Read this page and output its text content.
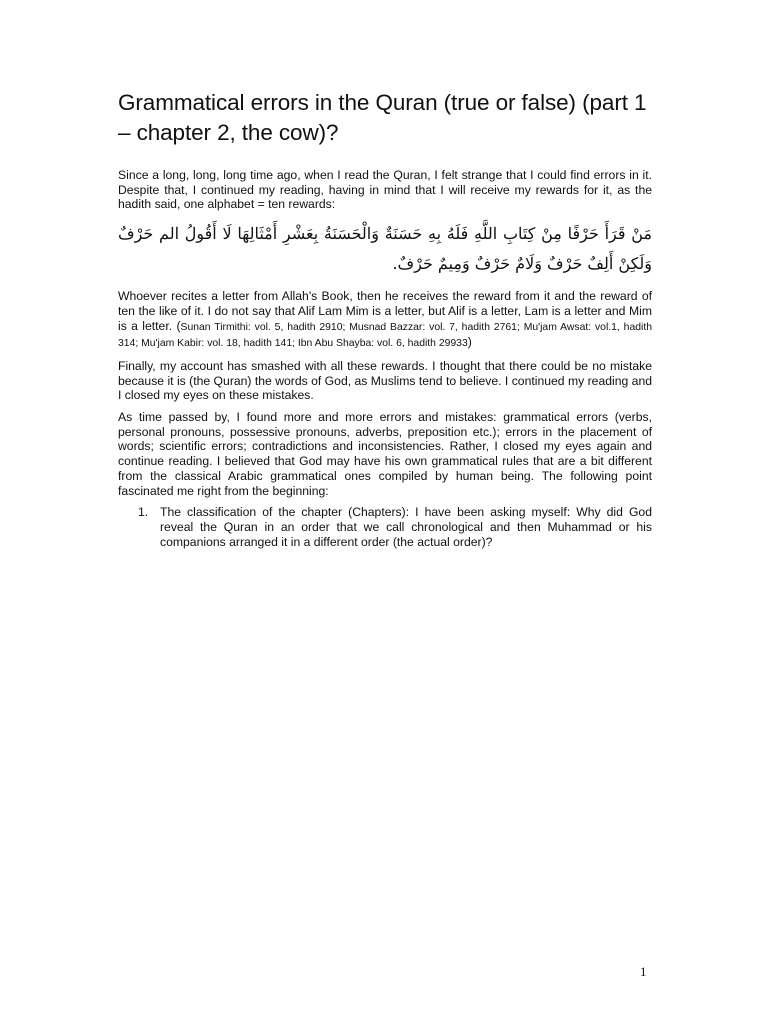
Grammatical errors in the Quran (true or false) (part 1 – chapter 2, the cow)?

Since a long, long, long time ago, when I read the Quran, I felt strange that I could find errors in it. Despite that, I continued my reading, having in mind that I will receive my rewards for it, as the hadith said, one alphabet = ten rewards:

مَنْ قَرَأَ حَرْفًا مِنْ كِتَابِ اللَّهِ فَلَهُ بِهِ حَسَنَةٌ وَالْحَسَنَةُ بِعَشْرِ أَمْثَالِهَا لَا أَقُولُ الم حَرْفٌ وَلَكِنْ أَلِفٌ حَرْفٌ وَلَامٌ حَرْفٌ وَمِيمٌ حَرْفٌ.

Whoever recites a letter from Allah's Book, then he receives the reward from it and the reward of ten the like of it. I do not say that Alif Lam Mim is a letter, but Alif is a letter, Lam is a letter and Mim is a letter. (Sunan Tirmithi: vol. 5, hadith 2910; Musnad Bazzar: vol. 7, hadith 2761; Mu'jam Awsat: vol.1, hadith 314; Mu'jam Kabir: vol. 18, hadith 141; Ibn Abu Shayba: vol. 6, hadith 29933)

Finally, my account has smashed with all these rewards. I thought that there could be no mistake because it is (the Quran) the words of God, as Muslims tend to believe. I continued my reading and I closed my eyes on these mistakes.

As time passed by, I found more and more errors and mistakes: grammatical errors (verbs, personal pronouns, possessive pronouns, adverbs, preposition etc.); errors in the placement of words; scientific errors; contradictions and inconsistencies. Rather, I closed my eyes again and continue reading. I believed that God may have his own grammatical rules that are a bit different from the classical Arabic grammatical ones compiled by human being. The following point fascinated me right from the beginning:

1. The classification of the chapter (Chapters): I have been asking myself: Why did God reveal the Quran in an order that we call chronological and then Muhammad or his companions arranged it in a different order (the actual order)?
1
